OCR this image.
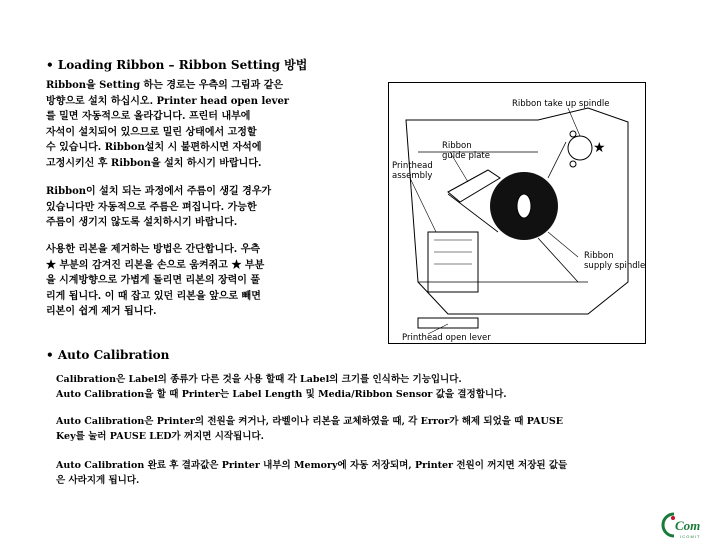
• Loading Ribbon – Ribbon Setting 방법
Ribbon을 Setting 하는 경로는 우측의 그림과 같은
방향으로 설치 하십시오. Printer head open lever
를 밀면 자동적으로 올라갑니다. 프린터 내부에
자석이 설치되어 있으므로 밀린 상태에서 고정할
수 있습니다. Ribbon설치 시 불편하시면 자석에
고정시키신 후 Ribbon을 설치 하시기 바랍니다.
Ribbon이 설치 되는 과정에서 주름이 생길 경우가
있습니다만 자동적으로 주름은 펴집니다. 가능한
주름이 생기지 않도록 설치하시기 바랍니다.
사용한 리본을 제거하는 방법은 간단합니다. 우측
★ 부분의 감겨진 리본을 손으로 움켜쥐고 ★ 부분
을 시계방향으로 가볍게 돌리면 리본의 장력이 풀
리게 됩니다. 이 때 잡고 있던 리본을 앞으로 빼면
리본이 쉽게 제거 됩니다.
★
Ribbon take up spindle
Ribbon
guide plate
Printhead
assembly
Ribbon
supply spindle
Printhead open lever
• Auto Calibration
Calibration은 Label의 종류가 다른 것을 사용 할때 각 Label의 크기를 인식하는 기능입니다.
Auto Calibration을 할 때 Printer는 Label Length 및 Media/Ribbon Sensor 값을 결정합니다.
Auto Calibration은 Printer의 전원을 켜거나, 라벨이나 리본을 교체하였을 때, 각 Error가 해제 되었을 때 PAUSE
Key를 눌러 PAUSE LED가 꺼지면 시작됩니다.
Auto Calibration 완료 후 결과값은 Printer 내부의 Memory에 자동 저장되며, Printer 전원이 꺼지면 저장된 값들
은 사라지게 됩니다.
Com
I C O M I T
